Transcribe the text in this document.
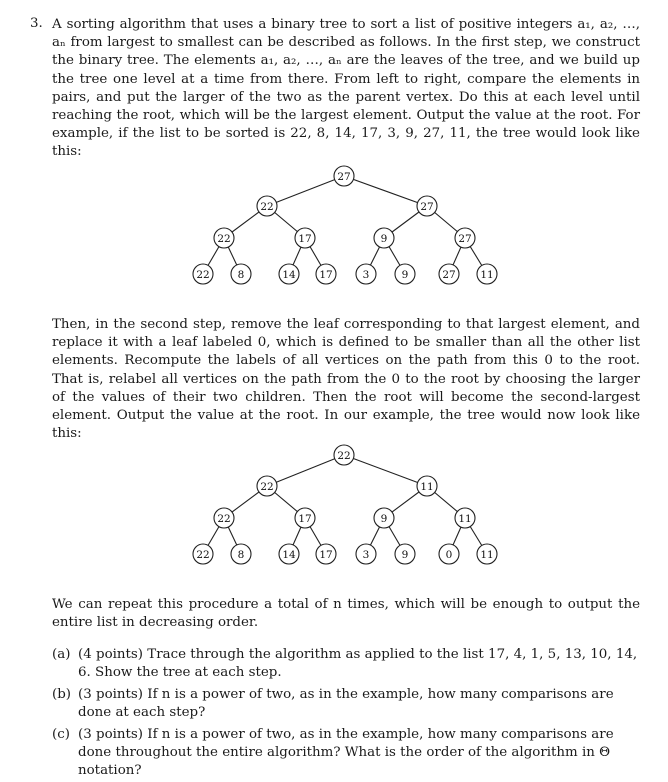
3. A sorting algorithm that uses a binary tree to sort a list of positive integers a₁, a₂, …, aₙ from largest to smallest can be described as follows. In the first step, we construct the binary tree. The elements a₁, a₂, …, aₙ are the leaves of the tree, and we build up the tree one level at a time from there. From left to right, compare the elements in pairs, and put the larger of the two as the parent vertex. Do this at each level until reaching the root, which will be the largest element. Output the value at the root. For example, if the list to be sorted is 22, 8, 14, 17, 3, 9, 27, 11, the tree would look like this:
27
22	27
22	17	9	27
22	8	14 17	3	9	27 11
22
22	11
22	17	9	11
22	8	14 17	3	9	0	11
Then, in the second step, remove the leaf corresponding to that largest element, and replace it with a leaf labeled 0, which is defined to be smaller than all the other list elements. Recompute the labels of all vertices on the path from this 0 to the root. That is, relabel all vertices on the path from the 0 to the root by choosing the larger of the values of their two children. Then the root will become the second-largest element. Output the value at the root. In our example, the tree would now look like this:
We can repeat this procedure a total of n times, which will be enough to output the entire list in decreasing order.
(a) (4 points) Trace through the algorithm as applied to the list 17, 4, 1, 5, 13, 10, 14, 6. Show the tree at each step.
(b) (3 points) If n is a power of two, as in the example, how many comparisons are done at each step?
(c) (3 points) If n is a power of two, as in the example, how many comparisons are done throughout the entire algorithm? What is the order of the algorithm in Θ notation?
